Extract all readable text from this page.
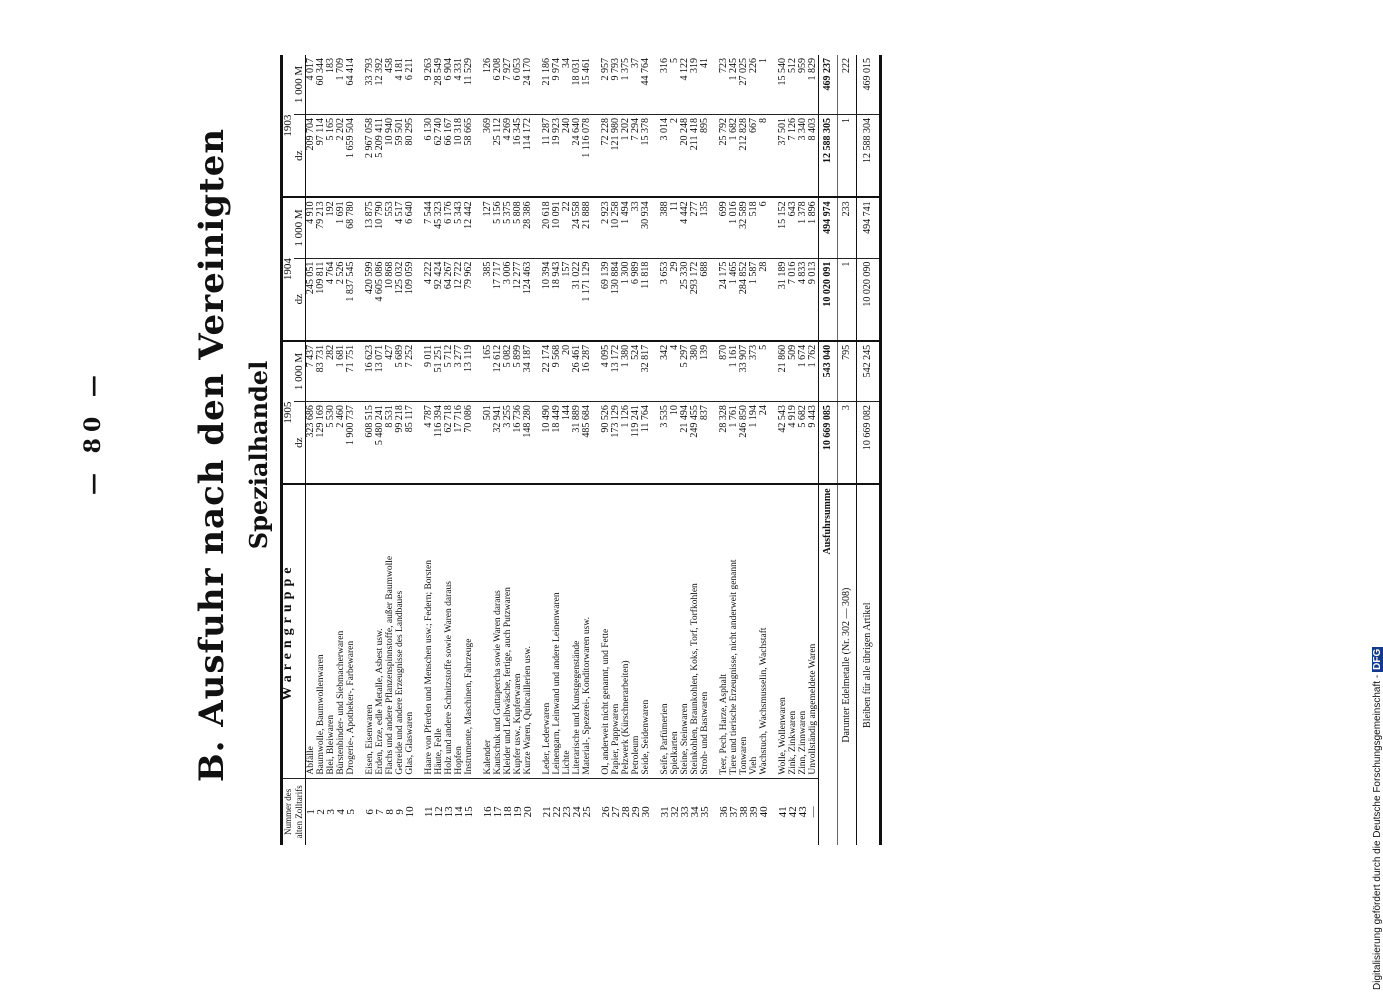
— 80 —	B. Ausfuhr nach den Vereinigten Spezialhandel
Nummer des alten Zolltarifs	Warengruppe	1905		1904		1903	
		dz	1 000 M	dz	1 000 M	dz	1 000 M
1	Abfälle	323 686	7 437	245 051	4 910	209 704	4 017
2	Baumwolle, Baumwollenwaren	129 169	83 731	109 811	79 213	97 114	60 344
3	Blei, Bleiwaren	5 530	282	4 764	192	5 165	183
4	Bürstenbinder- und Siebmacherwaren	2 460	1 681	2 526	1 691	2 202	1 709
5	Drogerie-, Apotheker-, Farbewaren	1 900 737	71 751	1 837 545	68 780	1 659 504	64 414

6	Eisen, Eisenwaren	608 515	16 623	420 599	13 875	2 967 058	33 793
7	Erden, Erze, edle Metalle, Asbest usw.	5 480 241	13 071	4 605 086	10 790	5 209 411	12 392
8	Flachs und andere Pflanzenspinnstoffe, außer Baumwolle	8 531	427	10 868	553	10 940	458
9	Getreide und andere Erzeugnisse des Landbaues	99 218	5 689	125 032	4 517	59 501	4 181
10	Glas, Glaswaren	85 117	7 252	109 059	6 640	80 295	6 211

11	Haare von Pferden und Menschen usw.; Federn; Borsten	4 787	9 011	4 222	7 544	6 130	9 263
12	Häute, Felle	116 394	51 251	92 424	45 323	62 740	28 549
13	Holz und andere Schnitzstoffe sowie Waren daraus	62 718	5 712	64 267	6 176	66 167	6 904
14	Hopfen	17 716	3 277	12 722	5 343	10 318	4 331
15	Instrumente, Maschinen, Fahrzeuge	70 086	13 119	79 962	12 442	58 665	11 529

16	Kalender	501	165	385	127	369	126
17	Kautschuk und Guttapercha sowie Waren daraus	32 941	12 612	17 717	5 156	25 112	6 208
18	Kleider und Leibwäsche, fertige, auch Putzwaren	3 255	5 082	3 006	5 375	4 269	7 927
19	Kupfer usw., Kupferwaren	16 736	5 899	12 277	5 808	16 345	6 053
20	Kurze Waren, Quincaillerien usw.	148 280	34 187	124 463	28 386	114 172	24 170

21	Leder, Lederwaren	10 490	22 174	10 394	20 618	11 287	21 186
22	Leinengarn, Leinwand und andere Leinenwaren	18 449	9 568	18 943	10 091	19 923	9 974
23	Lichte	144	20	157	22	240	34
24	Literarische und Kunstgegenstände	31 889	26 461	31 022	24 558	24 640	18 031
25	Material-, Spezerei-, Konditorwaren usw.	485 684	16 287	1 171 129	21 888	1 116 078	15 461

26	Öl, anderweit nicht genannt, und Fette	90 526	4 095	69 139	2 923	72 228	2 957
27	Papier, Pappwaren	173 129	13 172	130 884	10 258	121 980	9 793
28	Pelzwerk (Kürschnerarbeiten)	1 126	1 380	1 300	1 494	1 202	1 375
29	Petroleum	119 241	524	6 989	33	7 294	37
30	Seide, Seidenwaren	11 764	32 817	11 818	30 934	15 378	44 764

31	Seife, Parfümerien	3 535	342	3 653	388	3 014	316
32	Spielkarten	10	4	29	11	2	5
33	Steine, Steinwaren	21 494	5 297	25 330	4 442	20 248	4 122
34	Steinkohlen, Braunkohlen, Koks, Torf, Torfkohlen	249 455	380	293 172	277	211 418	319
35	Stroh- und Bastwaren	837	139	688	135	895	41

36	Teer, Pech, Harze, Asphalt	28 328	870	24 175	699	25 792	723
37	Tiere und tierische Erzeugnisse, nicht anderweit genannt	1 761	1 161	1 465	1 016	1 682	1 245
38	Tonwaren	246 850	33 907	284 852	32 589	212 828	27 025
39	Vieh	1 194	373	1 587	518	667	226
40	Wachstuch, Wachsmusselin, Wachstaft	24	5	28	6	8	1

41	Wolle, Wollenwaren	42 543	21 860	31 189	15 152	37 501	15 540
42	Zink, Zinkwaren	4 919	509	7 016	643	7 126	512
43	Zinn, Zinnwaren	5 682	1 674	4 833	1 378	3 340	959
—	Unvollständig angemeldete Waren	9 443	1 762	9 013	1 896	8 403	1 829
Ausfuhrsumme		10 669 085	543 040	10 020 091	494 974	12 588 305	469 237
Darunter Edelmetalle (Nr. 302 — 308)		3	795	1	233	1	222
Bleiben für alle übrigen Artikel		10 669 082	542 245	10 020 090	494 741	12 588 304	469 015
Digitalisierung gefördert durch die Deutsche Forschungsgemeinschaft -DFG
